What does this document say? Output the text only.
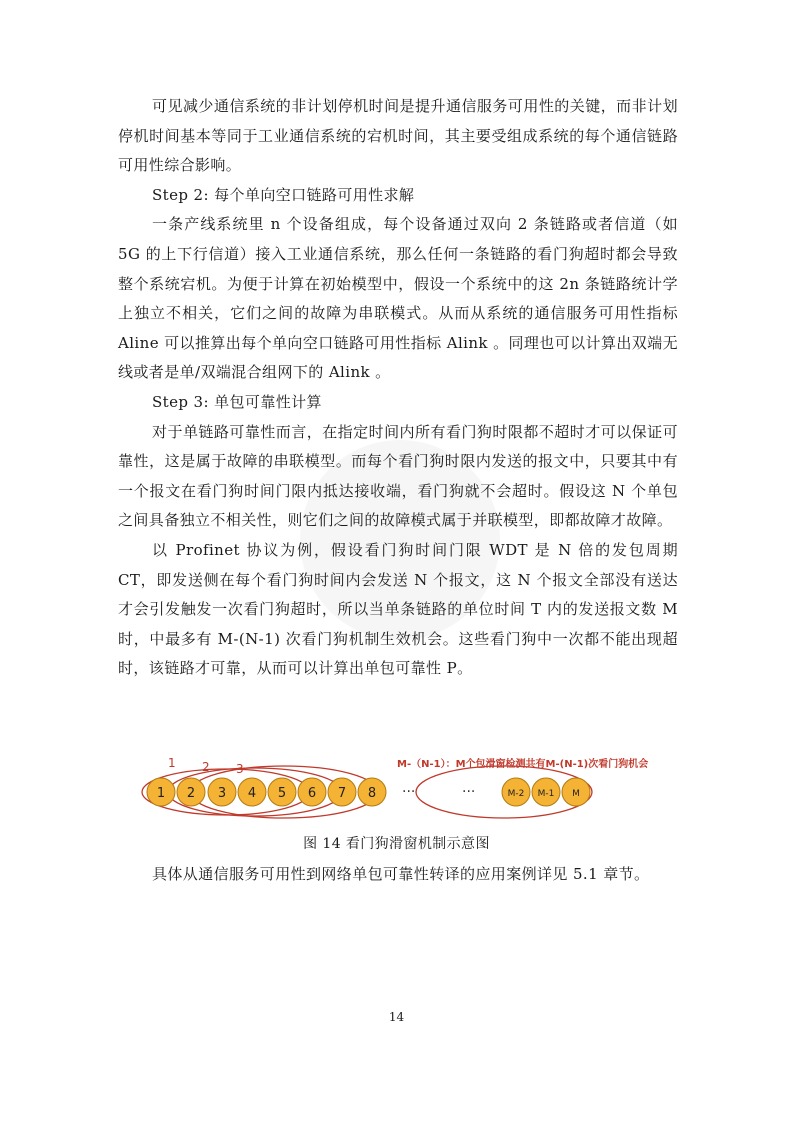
可见减少通信系统的非计划停机时间是提升通信服务可用性的关键，而非计划停机时间基本等同于工业通信系统的宕机时间，其主要受组成系统的每个通信链路可用性综合影响。

Step 2: 每个单向空口链路可用性求解

一条产线系统里 n 个设备组成，每个设备通过双向 2 条链路或者信道（如 5G 的上下行信道）接入工业通信系统，那么任何一条链路的看门狗超时都会导致整个系统宕机。为便于计算在初始模型中，假设一个系统中的这 2n 条链路统计学上独立不相关，它们之间的故障为串联模式。从而从系统的通信服务可用性指标 Aline 可以推算出每个单向空口链路可用性指标 Alink 。同理也可以计算出双端无线或者是单/双端混合组网下的 Alink 。

Step 3: 单包可靠性计算

对于单链路可靠性而言，在指定时间内所有看门狗时限都不超时才可以保证可靠性，这是属于故障的串联模型。而每个看门狗时限内发送的报文中，只要其中有一个报文在看门狗时间门限内抵达接收端，看门狗就不会超时。假设这 N 个单包之间具备独立不相关性，则它们之间的故障模式属于并联模型，即都故障才故障。

以 Profinet 协议为例，假设看门狗时间门限 WDT 是 N 倍的发包周期 CT，即发送侧在每个看门狗时间内会发送 N 个报文，这 N 个报文全部没有送达才会引发触发一次看门狗超时，所以当单条链路的单位时间 T 内的发送报文数 M 时，中最多有 M-(N-1) 次看门狗机制生效机会。这些看门狗中一次都不能出现超时，该链路才可靠，从而可以计算出单包可靠性 P。

1 2 3
1 2 3 4 5 6 7 8 ···	···	M-2 M-1 M
M-（N-1）：M个包滑窗检测共有M-(N-1)次看门狗机会
图 14 看门狗滑窗机制示意图

具体从通信服务可用性到网络单包可靠性转译的应用案例详见 5.1 章节。

14
